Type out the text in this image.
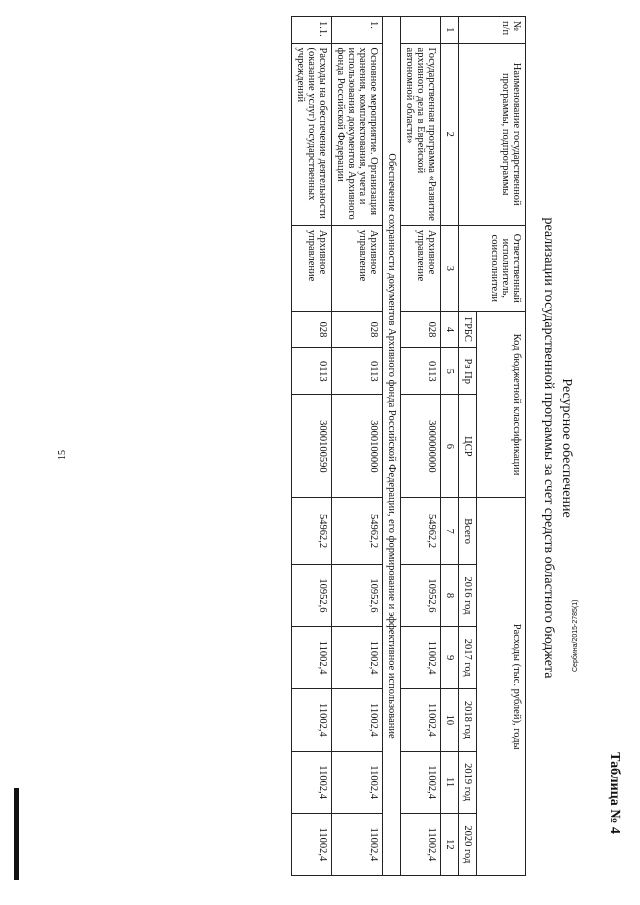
15
Сербина/2015-2785(1)
Таблица № 4
Ресурсное обеспечение
реализации государственной программы за счет средств областного бюджета
№ п/п	Наименование государственной программы, подпрограммы	Ответственный исполнитель, соисполнители	Код бюджетной классификации			Расходы (тыс. рублей), годы					
			ГРБС	Рз Пр	ЦСР	Всего	2016 год	2017 год	2018 год	2019 год	2020 год
1	2	3	4	5	6	7	8	9	10	11	12
	Государственная программа «Развитие архивного дела в Еврейской автономной области»	Архивное управление	028	0113	3000000000	54962,2	10952,6	11002,4	11002,4	11002,4	11002,4
Обеспечение сохранности документов Архивного фонда Российской Федерации, его формирование и эффективное использование											
1.	Основное мероприятие. Организация хранения, комплектования, учета и использования документов Архивного фонда Российской Федерации	Архивное управление	028	0113	3000100000	54962,2	10952,6	11002,4	11002,4	11002,4	11002,4
1.1.	Расходы на обеспечение деятельности (оказание услуг) государственных учреждений	Архивное управление	028	0113	3000100590	54962,2	10952,6	11002,4	11002,4	11002,4	11002,4
